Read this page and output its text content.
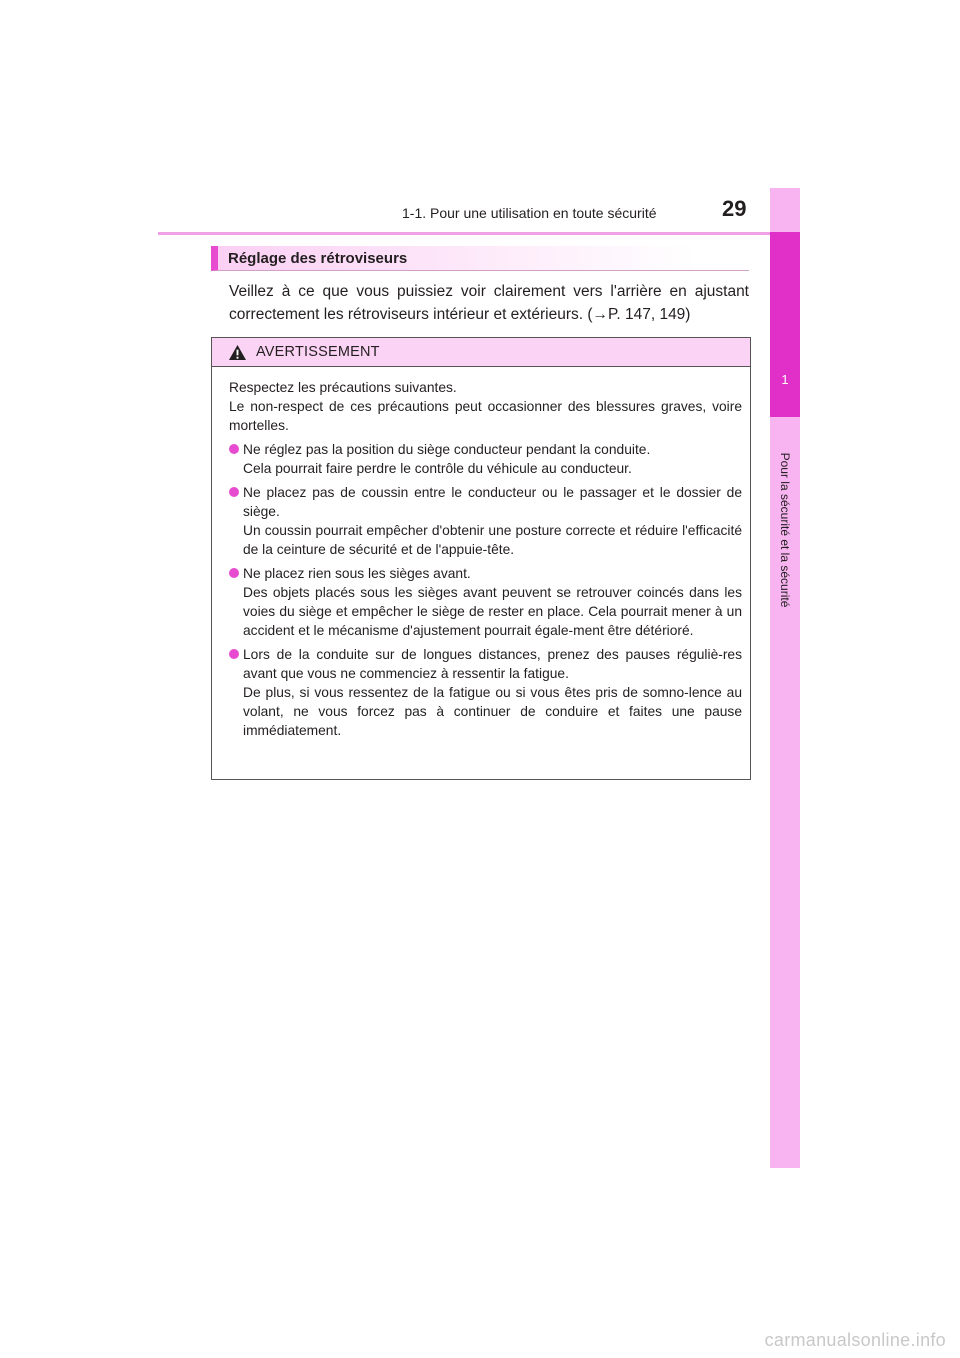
1-1. Pour une utilisation en toute sécurité	29
1
Pour la sécurité et la sécurité
Réglage des rétroviseurs
Veillez à ce que vous puissiez voir clairement vers l'arrière en ajustant correctement les rétroviseurs intérieur et extérieurs. (→P. 147, 149)
AVERTISSEMENT

Respectez les précautions suivantes.

Le non-respect de ces précautions peut occasionner des blessures graves, voire mortelles.

Ne réglez pas la position du siège conducteur pendant la conduite.

Cela pourrait faire perdre le contrôle du véhicule au conducteur.

Ne placez pas de coussin entre le conducteur ou le passager et le dossier de siège.

Un coussin pourrait empêcher d'obtenir une posture correcte et réduire l'efficacité de la ceinture de sécurité et de l'appuie-tête.

Ne placez rien sous les sièges avant.

Des objets placés sous les sièges avant peuvent se retrouver coincés dans les voies du siège et empêcher le siège de rester en place. Cela pourrait mener à un accident et le mécanisme d'ajustement pourrait égale-ment être détérioré.

Lors de la conduite sur de longues distances, prenez des pauses réguliè-res avant que vous ne commenciez à ressentir la fatigue.

De plus, si vous ressentez de la fatigue ou si vous êtes pris de somno-lence au volant, ne vous forcez pas à continuer de conduire et faites une pause immédiatement.

carmanualsonline.info
